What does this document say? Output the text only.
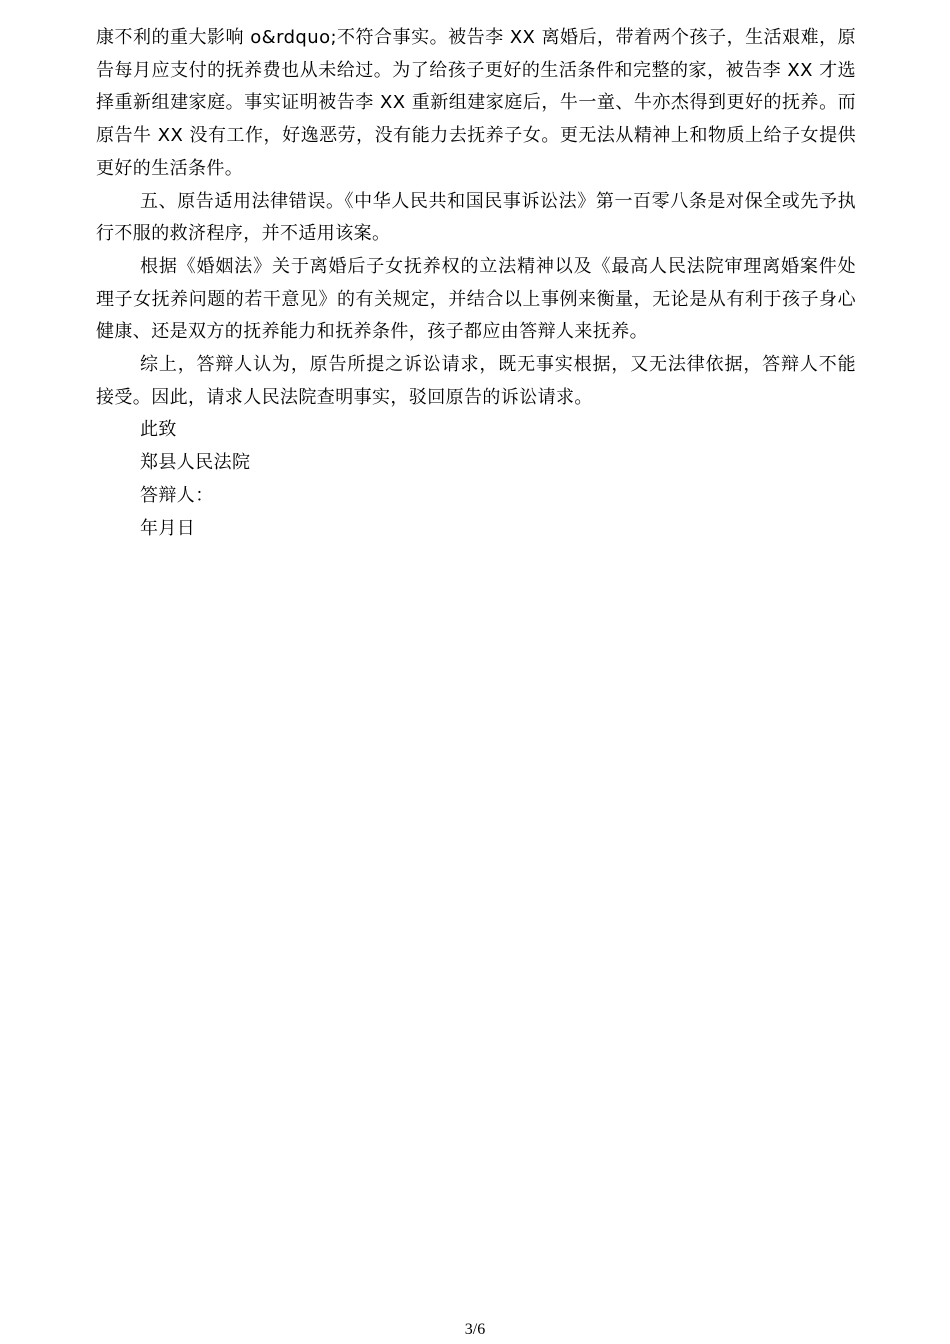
康不利的重大影响 o&rdquo;不符合事实。被告李 XX 离婚后，带着两个孩子，生活艰难，原告每月应支付的抚养费也从未给过。为了给孩子更好的生活条件和完整的家，被告李 XX 才选择重新组建家庭。事实证明被告李 XX 重新组建家庭后，牛一童、牛亦杰得到更好的抚养。而原告牛 XX 没有工作，好逸恶劳，没有能力去抚养子女。更无法从精神上和物质上给子女提供更好的生活条件。

五、原告适用法律错误。《中华人民共和国民事诉讼法》第一百零八条是对保全或先予执行不服的救济程序，并不适用该案。

根据《婚姻法》关于离婚后子女抚养权的立法精神以及《最高人民法院审理离婚案件处理子女抚养问题的若干意见》的有关规定，并结合以上事例来衡量，无论是从有利于孩子身心健康、还是双方的抚养能力和抚养条件，孩子都应由答辩人来抚养。

综上，答辩人认为，原告所提之诉讼请求，既无事实根据，又无法律依据，答辩人不能接受。因此，请求人民法院查明事实，驳回原告的诉讼请求。

此致

郑县人民法院

答辩人：

年月日

3/6
